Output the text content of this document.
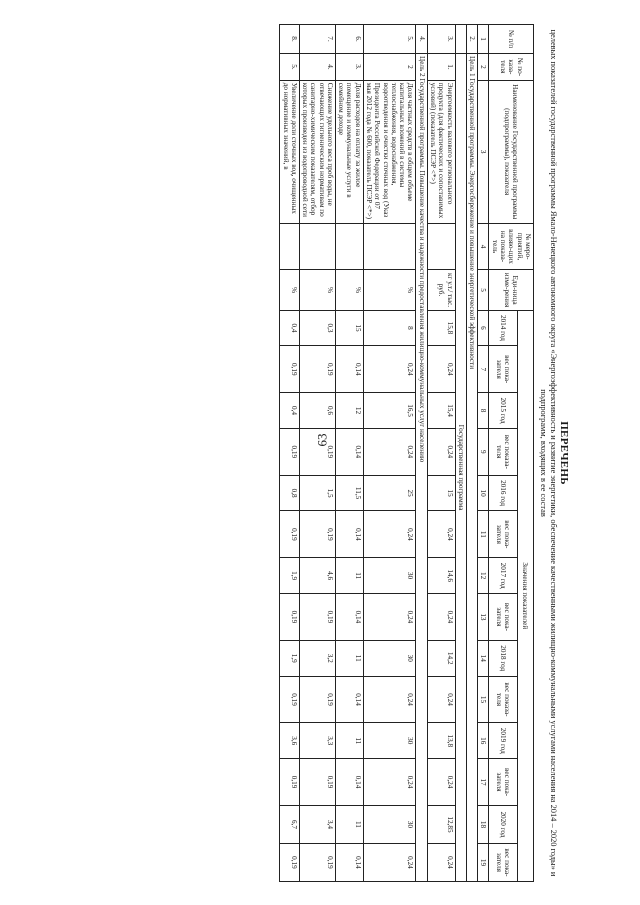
63	ПЕРЕЧЕНЬ
целевых показателей государственной программы Ямало-Ненецкого автономного округа «Энергоэффективность и развитие энергетики, обеспечение качественными жилищно-коммунальными услугами населения на 2014 – 2020 годы» и подпрограмм, входящих в ее состав
№ п/п	№ по-каза-теля	Наименование Государственной программы (подпрограммы), показателя	№ меро-приятий, влияю-щих на показа-тель	Еди-ница изме-рения	Значения показателей													
					2014 год	вес пока-зателя	2015 год	вес показа-теля	2016 год	вес пока-зателя	2017 год	вес пока-зателя	2018 год	вес показа-теля	2019 год	вес пока-зателя	2020 год	вес пока-зателя
1	2	3	4	5	6	7	8	9	10	11	12	13	14	15	16	17	18	19
2.	Цель 1 Государственной программы. Энергосбережение и повышение энергетической эффективности																	
	Государственная программа																	
3.	1.	Энергоемкость валового регионального продукта (для фактических и сопоставимых условий) (показатель ПСЭР <*>)		кг у.т./ тыс. руб.	15,8	0,24	15,4	0,24	15	0,24	14,6	0,24	14,2	0,24	13,8	0,24	12,85	0,24
4.	Цель 2 Государственной программы. Повышение качества и надежности предоставления жилищно-коммунальных услуг населению																	
5.	2	Доля частных средств в общем объеме капитальных вложений в системы теплоснабжения, водоснабжения, водоотведения и очистки сточных вод (Указ Президента Российской Федерации от 07 мая 2012 года № 600, показатель ПСЭР <*>)		%	8	0,24	16,5	0,24	25	0,24	30	0,24	30	0,24	30	0,24	30	0,24
6.	3.	Доля расходов на оплату за жилое помещение и коммунальные услуги в семейном доходе		%	15	0,14	12	0,14	11,5	0,14	11	0,14	11	0,14	11	0,14	11	0,14
7.	4.	Снижение удельного веса проб воды, не отвечающих гигиеническим нормативам по санитарно-химическим показателям, отбор которых произведен из водопроводной сети		%	0,3	0,19	0,6	0,19	1,5	0,19	4,6	0,19	3,2	0,19	3,3	0,19	3,4	0,19
8.	5.	Увеличение доли сточных вод, очищенных до нормативных значений, в		%	0,4	0,19	0,4	0,19	0,8	0,19	1,9	0,19	1,9	0,19	3,6	0,19	6,7	0,19
